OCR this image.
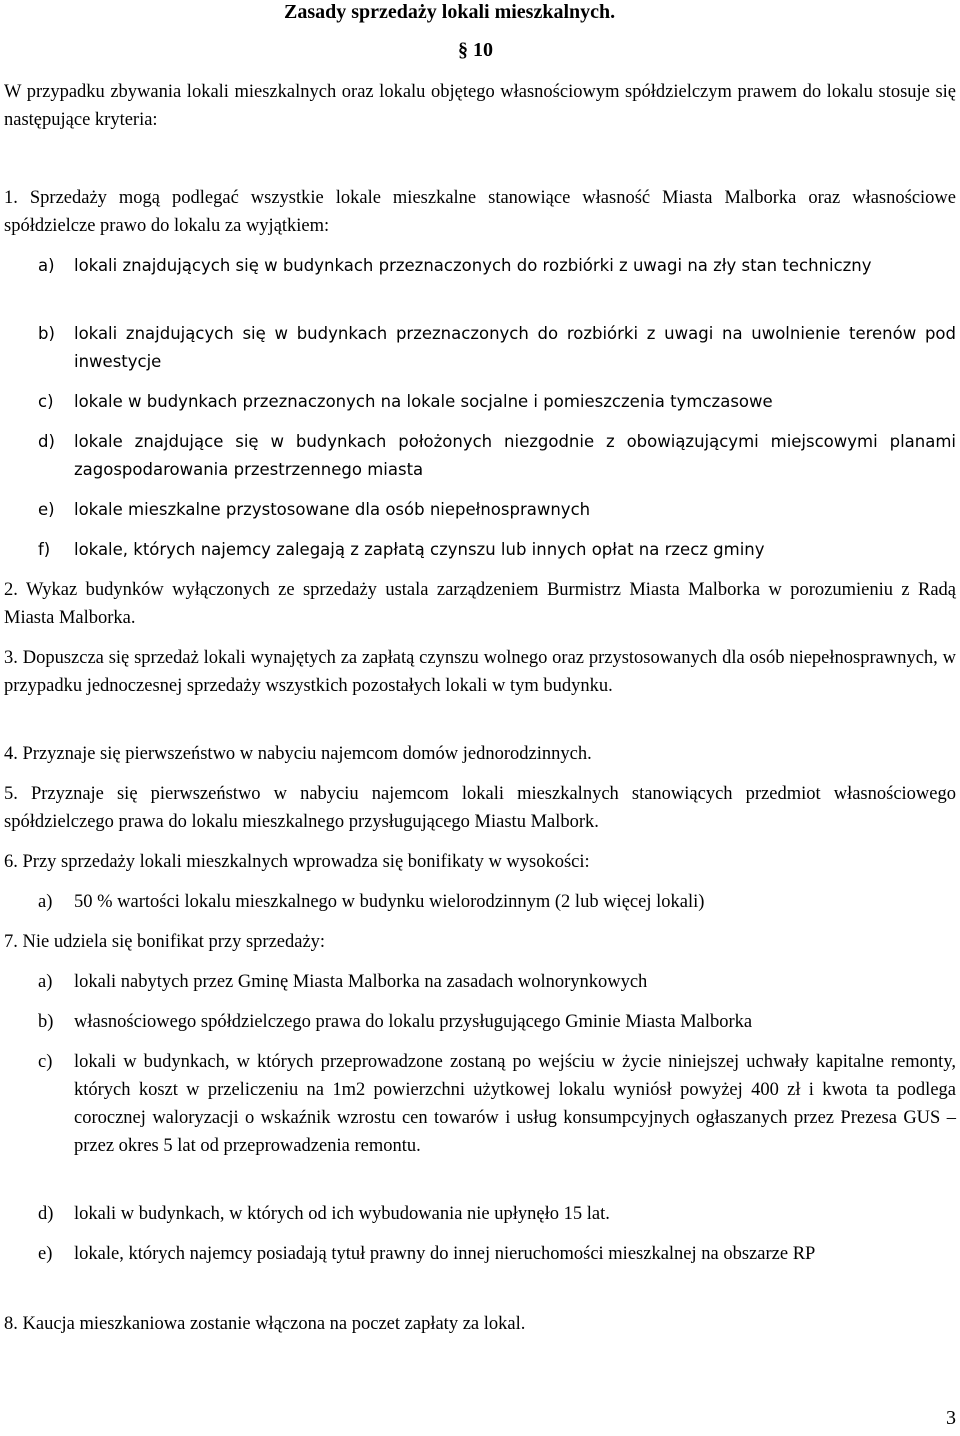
Zasady sprzedaży lokali mieszkalnych.
§ 10
W przypadku zbywania lokali mieszkalnych oraz lokalu objętego własnościowym spółdzielczym prawem do lokalu stosuje się następujące kryteria:
1. Sprzedaży mogą podlegać wszystkie lokale mieszkalne stanowiące własność Miasta Malborka oraz własnościowe spółdzielcze prawo do lokalu za wyjątkiem:
a) lokali znajdujących się w budynkach przeznaczonych do rozbiórki z uwagi na zły stan techniczny
b) lokali znajdujących się w budynkach przeznaczonych do rozbiórki z uwagi na uwolnienie terenów pod inwestycje
c) lokale w budynkach przeznaczonych na lokale socjalne i pomieszczenia tymczasowe
d) lokale znajdujące się w budynkach położonych niezgodnie z obowiązującymi miejscowymi planami zagospodarowania przestrzennego miasta
e) lokale mieszkalne przystosowane dla osób niepełnosprawnych
f) lokale, których najemcy zalegają z zapłatą czynszu lub innych opłat na rzecz gminy
2. Wykaz budynków wyłączonych ze sprzedaży ustala zarządzeniem Burmistrz Miasta Malborka w porozumieniu z Radą Miasta Malborka.
3. Dopuszcza się sprzedaż lokali wynajętych za zapłatą czynszu wolnego oraz przystosowanych dla osób niepełnosprawnych, w przypadku jednoczesnej sprzedaży wszystkich pozostałych lokali w tym budynku.
4. Przyznaje się pierwszeństwo w nabyciu najemcom domów jednorodzinnych.
5. Przyznaje się pierwszeństwo w nabyciu najemcom lokali mieszkalnych stanowiących przedmiot własnościowego spółdzielczego prawa do lokalu mieszkalnego przysługującego Miastu Malbork.
6. Przy sprzedaży lokali mieszkalnych wprowadza się bonifikaty w wysokości:
a) 50 % wartości lokalu mieszkalnego w budynku wielorodzinnym (2 lub więcej lokali)
7. Nie udziela się bonifikat przy sprzedaży:
a) lokali nabytych przez Gminę Miasta Malborka na zasadach wolnorynkowych
b) własnościowego spółdzielczego prawa do lokalu przysługującego Gminie Miasta Malborka
c) lokali w budynkach, w których przeprowadzone zostaną po wejściu w życie niniejszej uchwały kapitalne remonty, których koszt w przeliczeniu na 1m2 powierzchni użytkowej lokalu wyniósł powyżej 400 zł i kwota ta podlega corocznej waloryzacji o wskaźnik wzrostu cen towarów i usług konsumpcyjnych ogłaszanych przez Prezesa GUS – przez okres 5 lat od przeprowadzenia remontu.
d) lokali w budynkach, w których od ich wybudowania nie upłynęło 15 lat.
e) lokale, których najemcy posiadają tytuł prawny do innej nieruchomości mieszkalnej na obszarze RP
8. Kaucja mieszkaniowa zostanie włączona na poczet zapłaty za lokal.
3
